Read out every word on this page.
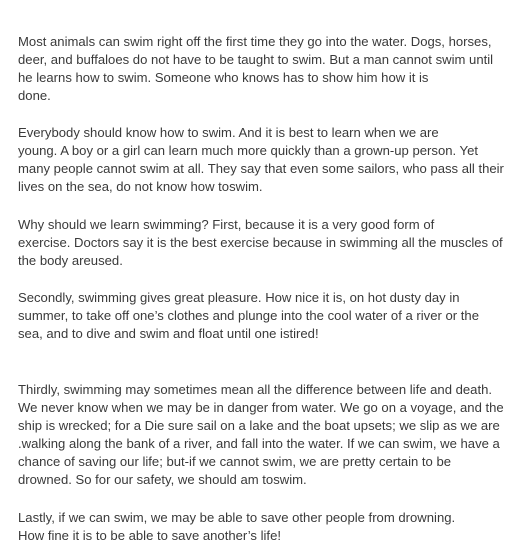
Most animals can swim right off the first time they go into the water. Dogs, horses,
deer, and buffaloes do not have to be taught to swim. But a man cannot swim until
he learns how to swim. Someone who knows has to show him how it is
done.
Everybody should know how to swim. And it is best to learn when we are
young. A boy or a girl can learn much more quickly than a grown-up person. Yet
many people cannot swim at all. They say that even some sailors, who pass all their
lives on the sea, do not know how toswim.
Why should we learn swimming? First, because it is a very good form of
exercise. Doctors say it is the best exercise because in swimming all the muscles of
the body areused.
Secondly, swimming gives great pleasure. How nice it is, on hot dusty day in
summer, to take off one’s clothes and plunge into the cool water of a river or the
sea, and to dive and swim and float until one istired!
Thirdly, swimming may sometimes mean all the difference between life and death.
We never know when we may be in danger from water. We go on a voyage, and the
ship is wrecked; for a Die sure sail on a lake and the boat upsets; we slip as we are
.walking along the bank of a river, and fall into the water. If we can swim, we have a
chance of saving our life; but-if we cannot swim, we are pretty certain to be
drowned. So for our safety, we should am toswim.
Lastly, if we can swim, we may be able to save other people from drowning.
How fine it is to be able to save another’s life!
